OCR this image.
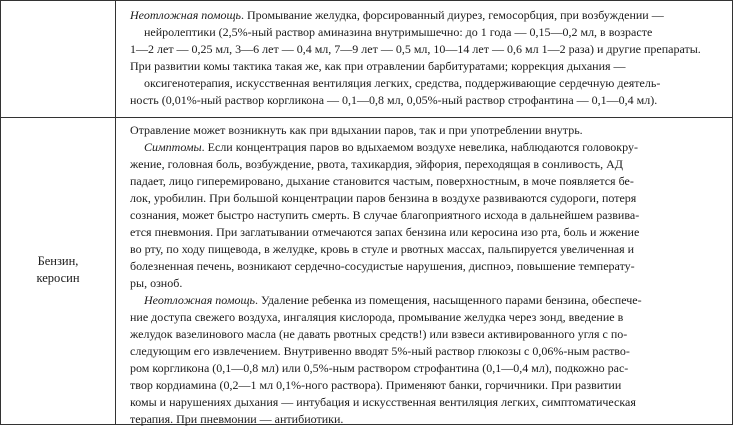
Неотложная помощь. Промывание желудка, форсированный диурез, гемосорбция, при возбуждении —
нейролептики (2,5%-ный раствор аминазина внутримышечно: до 1 года — 0,15—0,2 мл, в возрасте
1—2 лет — 0,25 мл, 3—6 лет — 0,4 мл, 7—9 лет — 0,5 мл, 10—14 лет — 0,6 мл 1—2 раза) и другие препараты.
При развитии комы тактика такая же, как при отравлении барбитуратами; коррекция дыхания —
оксигенотерапия, искусственная вентиляция легких, средства, поддерживающие сердечную деятель-
ность (0,01%-ный раствор коргликона — 0,1—0,8 мл, 0,05%-ный раствор строфантина — 0,1—0,4 мл).
Бензин,
керосин
Отравление может возникнуть как при вдыхании паров, так и при употреблении внутрь.
Симптомы. Если концентрация паров во вдыхаемом воздухе невелика, наблюдаются головокру-
жение, головная боль, возбуждение, рвота, тахикардия, эйфория, переходящая в сонливость, АД
падает, лицо гиперемировано, дыхание становится частым, поверхностным, в моче появляется бе-
лок, уробилин. При большой концентрации паров бензина в воздухе развиваются судороги, потеря
сознания, может быстро наступить смерть. В случае благоприятного исхода в дальнейшем развива-
ется пневмония. При заглатывании отмечаются запах бензина или керосина изо рта, боль и жжение
во рту, по ходу пищевода, в желудке, кровь в стуле и рвотных массах, пальпируется увеличенная и
болезненная печень, возникают сердечно-сосудистые нарушения, диспноэ, повышение температу-
ры, озноб.
Неотложная помощь. Удаление ребенка из помещения, насыщенного парами бензина, обеспече-
ние доступа свежего воздуха, ингаляция кислорода, промывание желудка через зонд, введение в
желудок вазелинового масла (не давать рвотных средств!) или взвеси активированного угля с по-
следующим его извлечением. Внутривенно вводят 5%-ный раствор глюкозы с 0,06%-ным раство-
ром коргликона (0,1—0,8 мл) или 0,5%-ным раствором строфантина (0,1—0,4 мл), подкожно рас-
твор кордиамина (0,2—1 мл 0,1%-ного раствора). Применяют банки, горчичники. При развитии
комы и нарушениях дыхания — интубация и искусственная вентиляция легких, симптоматическая
терапия. При пневмонии — антибиотики.
